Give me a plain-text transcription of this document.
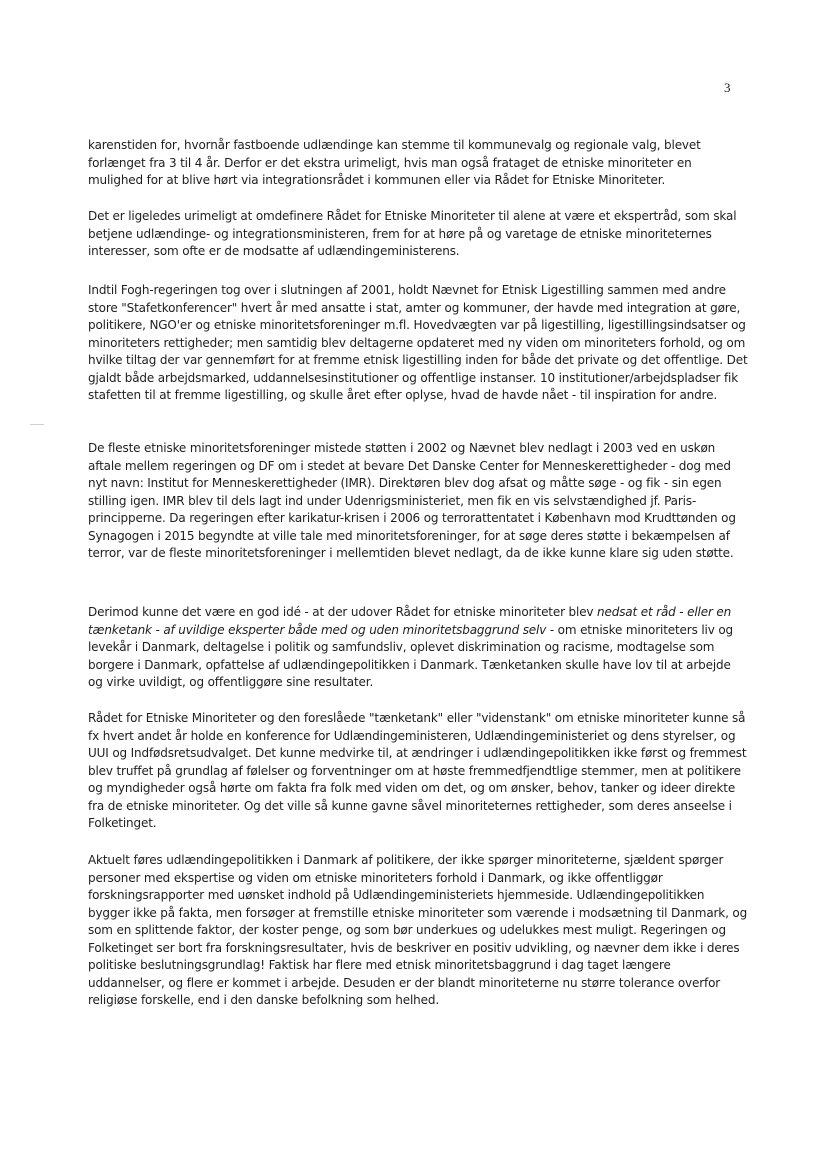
3

karenstiden for, hvornår fastboende udlændinge kan stemme til kommunevalg og regionale valg, blevet forlænget fra 3 til 4 år. Derfor er det ekstra urimeligt, hvis man også frataget de etniske minoriteter en mulighed for at blive hørt via integrationsrådet i kommunen eller via Rådet for Etniske Minoriteter.

Det er ligeledes urimeligt at omdefinere Rådet for Etniske Minoriteter til alene at være et ekspertråd, som skal betjene udlændinge- og integrationsministeren, frem for at høre på og varetage de etniske minoriteternes interesser, som ofte er de modsatte af udlændingeministerens.

Indtil Fogh-regeringen tog over i slutningen af 2001, holdt Nævnet for Etnisk Ligestilling sammen med andre store "Stafetkonferencer" hvert år med ansatte i stat, amter og kommuner, der havde med integration at gøre, politikere, NGO'er og etniske minoritetsforeninger m.fl. Hovedvægten var på ligestilling, ligestillingsindsatser og minoriteters rettigheder; men samtidig blev deltagerne opdateret med ny viden om minoriteters forhold, og om hvilke tiltag der var gennemført for at fremme etnisk ligestilling inden for både det private og det offentlige. Det gjaldt både arbejdsmarked, uddannelsesinstitutioner og offentlige instanser. 10 institutioner/arbejdspladser fik stafetten til at fremme ligestilling, og skulle året efter oplyse, hvad de havde nået - til inspiration for andre.

De fleste etniske minoritetsforeninger mistede støtten i 2002 og Nævnet blev nedlagt i 2003 ved en uskøn aftale mellem regeringen og DF om i stedet at bevare Det Danske Center for Menneskerettigheder - dog med nyt navn: Institut for Menneskerettigheder (IMR). Direktøren blev dog afsat og måtte søge - og fik - sin egen stilling igen. IMR blev til dels lagt ind under Udenrigsministeriet, men fik en vis selvstændighed jf. Paris-principperne. Da regeringen efter karikatur-krisen i 2006 og terrorattentatet i København mod Krudttønden og Synagogen i 2015 begyndte at ville tale med minoritetsforeninger, for at søge deres støtte i bekæmpelsen af terror, var de fleste minoritetsforeninger i mellemtiden blevet nedlagt, da de ikke kunne klare sig uden støtte.

Derimod kunne det være en god idé - at der udover Rådet for etniske minoriteter blev nedsat et råd - eller en tænketank - af uvildige eksperter både med og uden minoritetsbaggrund selv - om etniske minoriteters liv og levekår i Danmark, deltagelse i politik og samfundsliv, oplevet diskrimination og racisme, modtagelse som borgere i Danmark, opfattelse af udlændingepolitikken i Danmark. Tænketanken skulle have lov til at arbejde og virke uvildigt, og offentliggøre sine resultater.

Rådet for Etniske Minoriteter og den foreslåede "tænketank" eller "videnstank" om etniske minoriteter kunne så fx hvert andet år holde en konference for Udlændingeministeren, Udlændingeministeriet og dens styrelser, og UUI og Indfødsretsudvalget. Det kunne medvirke til, at ændringer i udlændingepolitikken ikke først og fremmest blev truffet på grundlag af følelser og forventninger om at høste fremmedfjendtlige stemmer, men at politikere og myndigheder også hørte om fakta fra folk med viden om det, og om ønsker, behov, tanker og ideer direkte fra de etniske minoriteter. Og det ville så kunne gavne såvel minoriteternes rettigheder, som deres anseelse i Folketinget.

Aktuelt føres udlændingepolitikken i Danmark af politikere, der ikke spørger minoriteterne, sjældent spørger personer med ekspertise og viden om etniske minoriteters forhold i Danmark, og ikke offentliggør forskningsrapporter med uønsket indhold på Udlændingeministeriets hjemmeside. Udlændingepolitikken bygger ikke på fakta, men forsøger at fremstille etniske minoriteter som værende i modsætning til Danmark, og som en splittende faktor, der koster penge, og som bør underkues og udelukkes mest muligt. Regeringen og Folketinget ser bort fra forskningsresultater, hvis de beskriver en positiv udvikling, og nævner dem ikke i deres politiske beslutningsgrundlag! Faktisk har flere med etnisk minoritetsbaggrund i dag taget længere uddannelser, og flere er kommet i arbejde. Desuden er der blandt minoriteterne nu større tolerance overfor religiøse forskelle, end i den danske befolkning som helhed.
